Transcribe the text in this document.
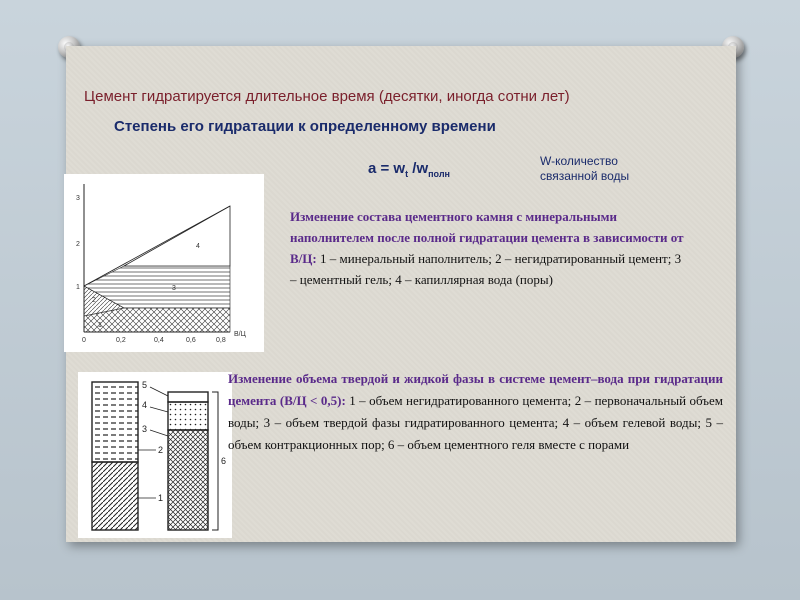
Цемент гидратируется длительное время (десятки, иногда сотни лет)
Степень его гидратации к определенному времени
$a = w_t$ $/w_{полн}$
W-количество связанной воды
3
2
1
0	0,2	0,4	0,6	0,8
В/Ц
1
2
3
4
Изменение состава цементного камня с минеральными наполнителем после полной гидратации цемента в зависимости от В/Ц: 1 – минеральный наполнитель; 2 – негидратированный цемент; 3 – цементный гель; 4 – капиллярная вода (поры)
5
4
3
2
1
6
Изменение объема твердой и жидкой фазы в системе цемент–вода при гидратации цемента (В/Ц < 0,5): 1 – объем негидратированного цемента; 2 – первоначальный объем воды; 3 – объем твердой фазы гидратированного цемента; 4 – объем гелевой воды; 5 – объем контракционных пор; 6 – объем цементного геля вместе с порами
